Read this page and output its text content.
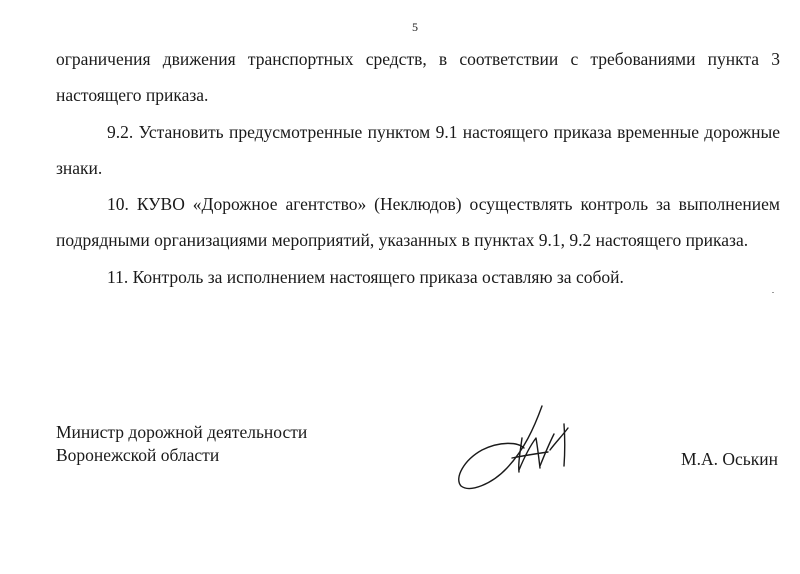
5

ограничения движения транспортных средств, в соответствии с требованиями пункта 3 настоящего приказа.

9.2. Установить предусмотренные пунктом 9.1 настоящего приказа временные дорожные знаки.

10. КУВО «Дорожное агентство» (Неклюдов) осуществлять контроль за выполнением подрядными организациями мероприятий, указанных в пунктах 9.1, 9.2 настоящего приказа.

11. Контроль за исполнением настоящего приказа оставляю за собой.

Министр дорожной деятельности
Воронежской области	М.А. Оськин
